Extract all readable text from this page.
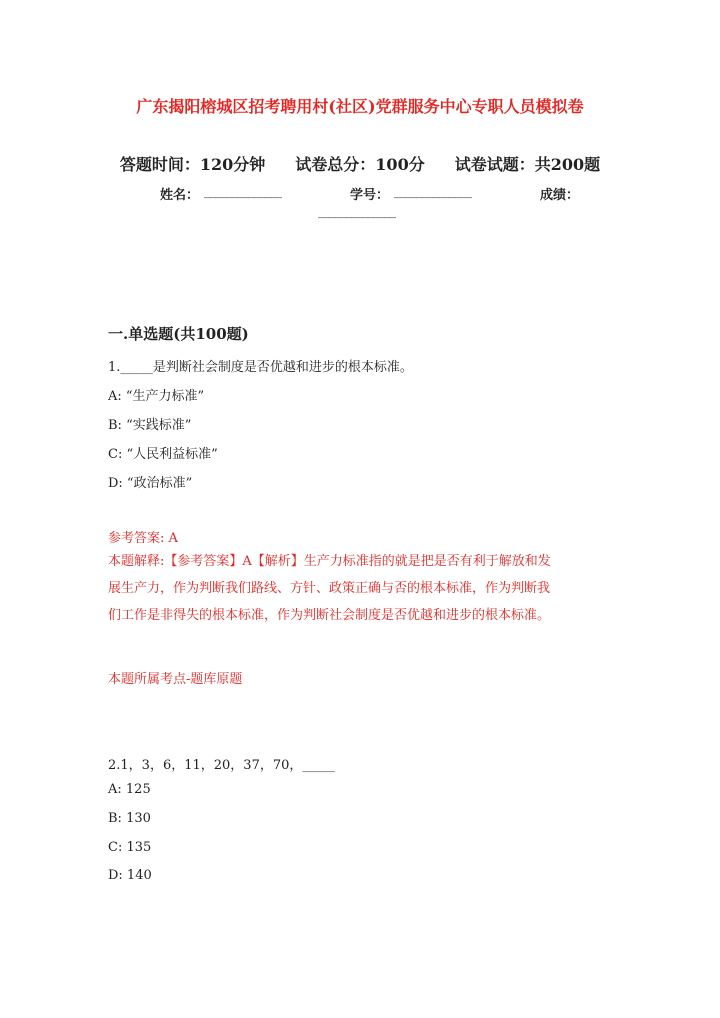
广东揭阳榕城区招考聘用村(社区)党群服务中心专职人员模拟卷
答题时间：120分钟 试卷总分：100分 试卷试题：共200题
姓名： ______________	学号： ______________	成绩：
______________
一.单选题(共100题)
1._____是判断社会制度是否优越和进步的根本标准。
A: “生产力标准”
B: “实践标准”
C: “人民利益标准”
D: “政治标准”
参考答案: A
本题解释:【参考答案】A【解析】生产力标准指的就是把是否有利于解放和发
展生产力，作为判断我们路线、方针、政策正确与否的根本标准，作为判断我
们工作是非得失的根本标准，作为判断社会制度是否优越和进步的根本标准。
本题所属考点-题库原题
2.1，3，6，11，20，37，70，_____
A: 125
B: 130
C: 135
D: 140
